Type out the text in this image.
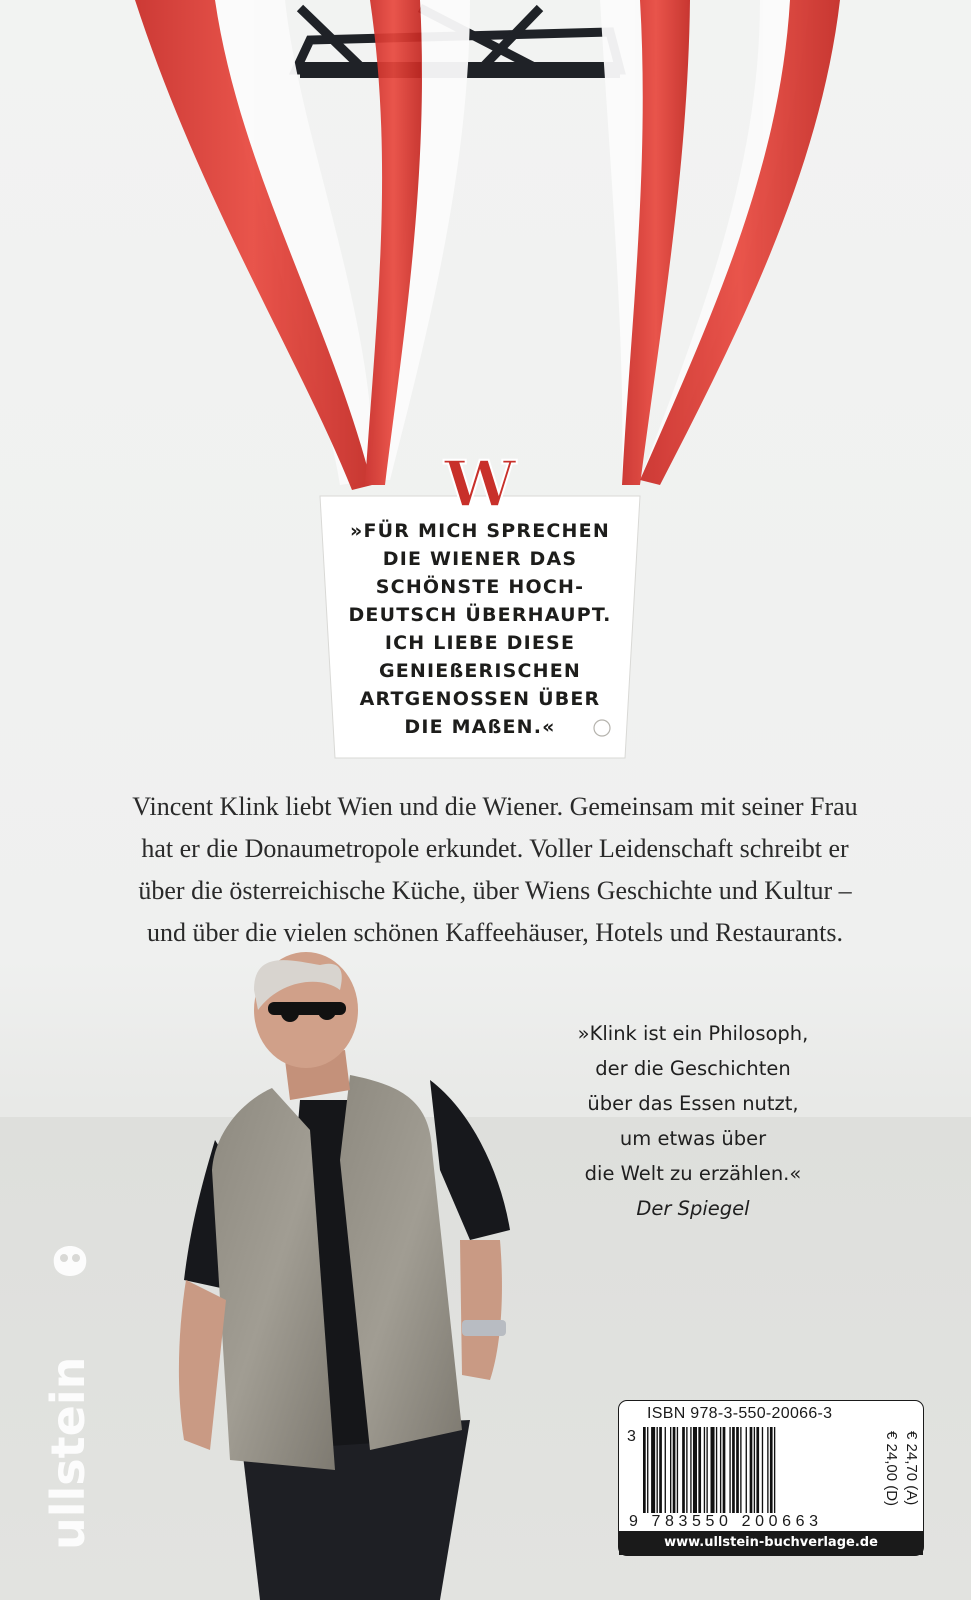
»FÜR MICH SPRECHEN
DIE WIENER DAS
SCHÖNSTE HOCH-
DEUTSCH ÜBERHAUPT.
ICH LIEBE DIESE
GENIEßERISCHEN
ARTGENOSSEN ÜBER
DIE MAßEN.«
W
Vincent Klink liebt Wien und die Wiener. Gemeinsam mit seiner Frau
hat er die Donaumetropole erkundet. Voller Leidenschaft schreibt er
über die österreichische Küche, über Wiens Geschichte und Kultur –
und über die vielen schönen Kaffeehäuser, Hotels und Restaurants.
»Klink ist ein Philosoph,
der die Geschichten
über das Essen nutzt,
um etwas über
die Welt zu erzählen.«
Der Spiegel
ullstein	ISBN 978-3-550-20066-3
3
9 783550 200663
€ 24,00 (D) € 24,70 (A)
www.ullstein-buchverlage.de
